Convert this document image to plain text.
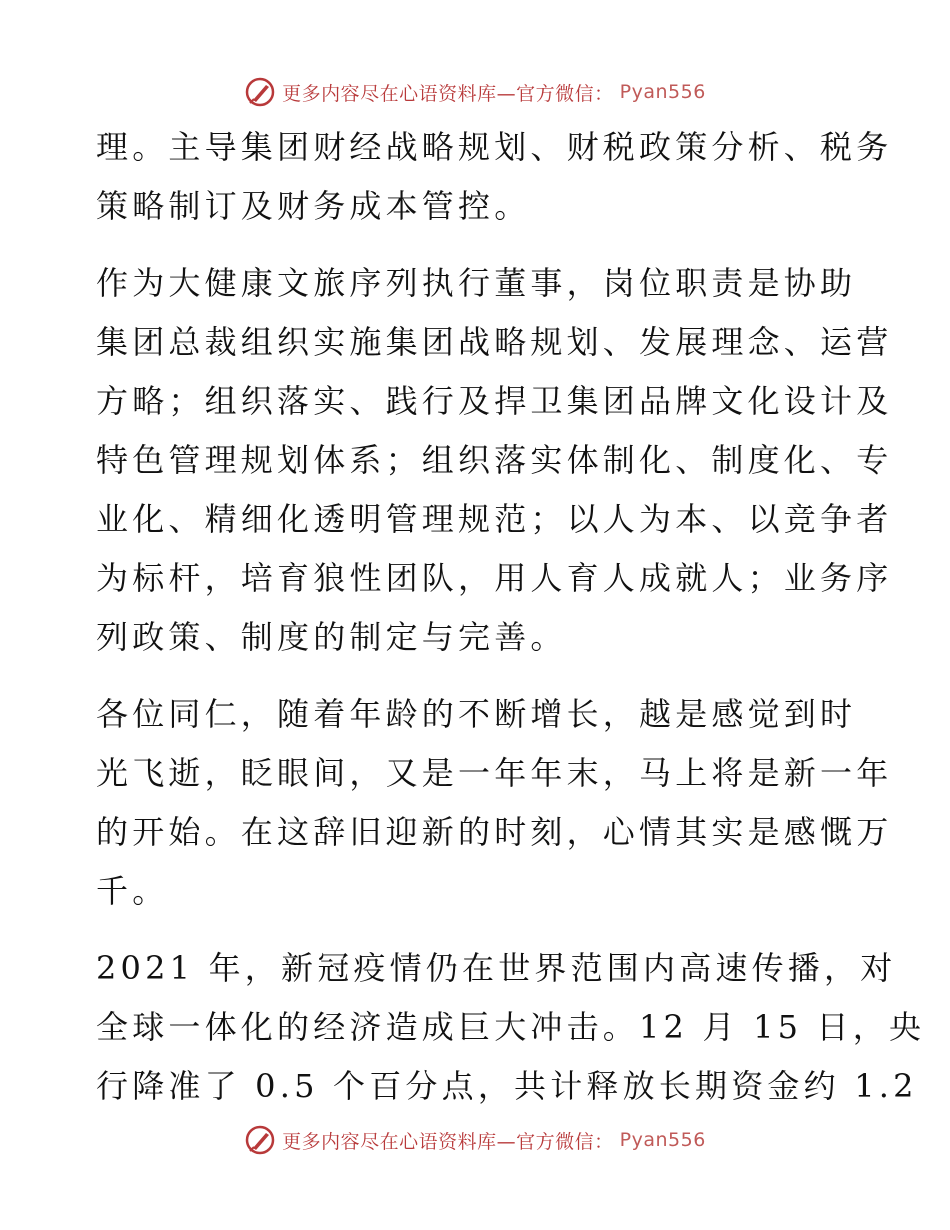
更多内容尽在心语资料库—官方微信： Pyan556

理。主导集团财经战略规划、财税政策分析、税务
策略制订及财务成本管控。

作为大健康文旅序列执行董事，岗位职责是协助
集团总裁组织实施集团战略规划、发展理念、运营
方略；组织落实、践行及捍卫集团品牌文化设计及
特色管理规划体系；组织落实体制化、制度化、专
业化、精细化透明管理规范；以人为本、以竞争者
为标杆，培育狼性团队，用人育人成就人；业务序
列政策、制度的制定与完善。

各位同仁，随着年龄的不断增长，越是感觉到时
光飞逝，眨眼间，又是一年年末，马上将是新一年
的开始。在这辞旧迎新的时刻，心情其实是感慨万
千。

2021 年，新冠疫情仍在世界范围内高速传播，对
全球一体化的经济造成巨大冲击。12 月 15 日，央
行降准了 0.5 个百分点，共计释放长期资金约 1.2

更多内容尽在心语资料库—官方微信： Pyan556
